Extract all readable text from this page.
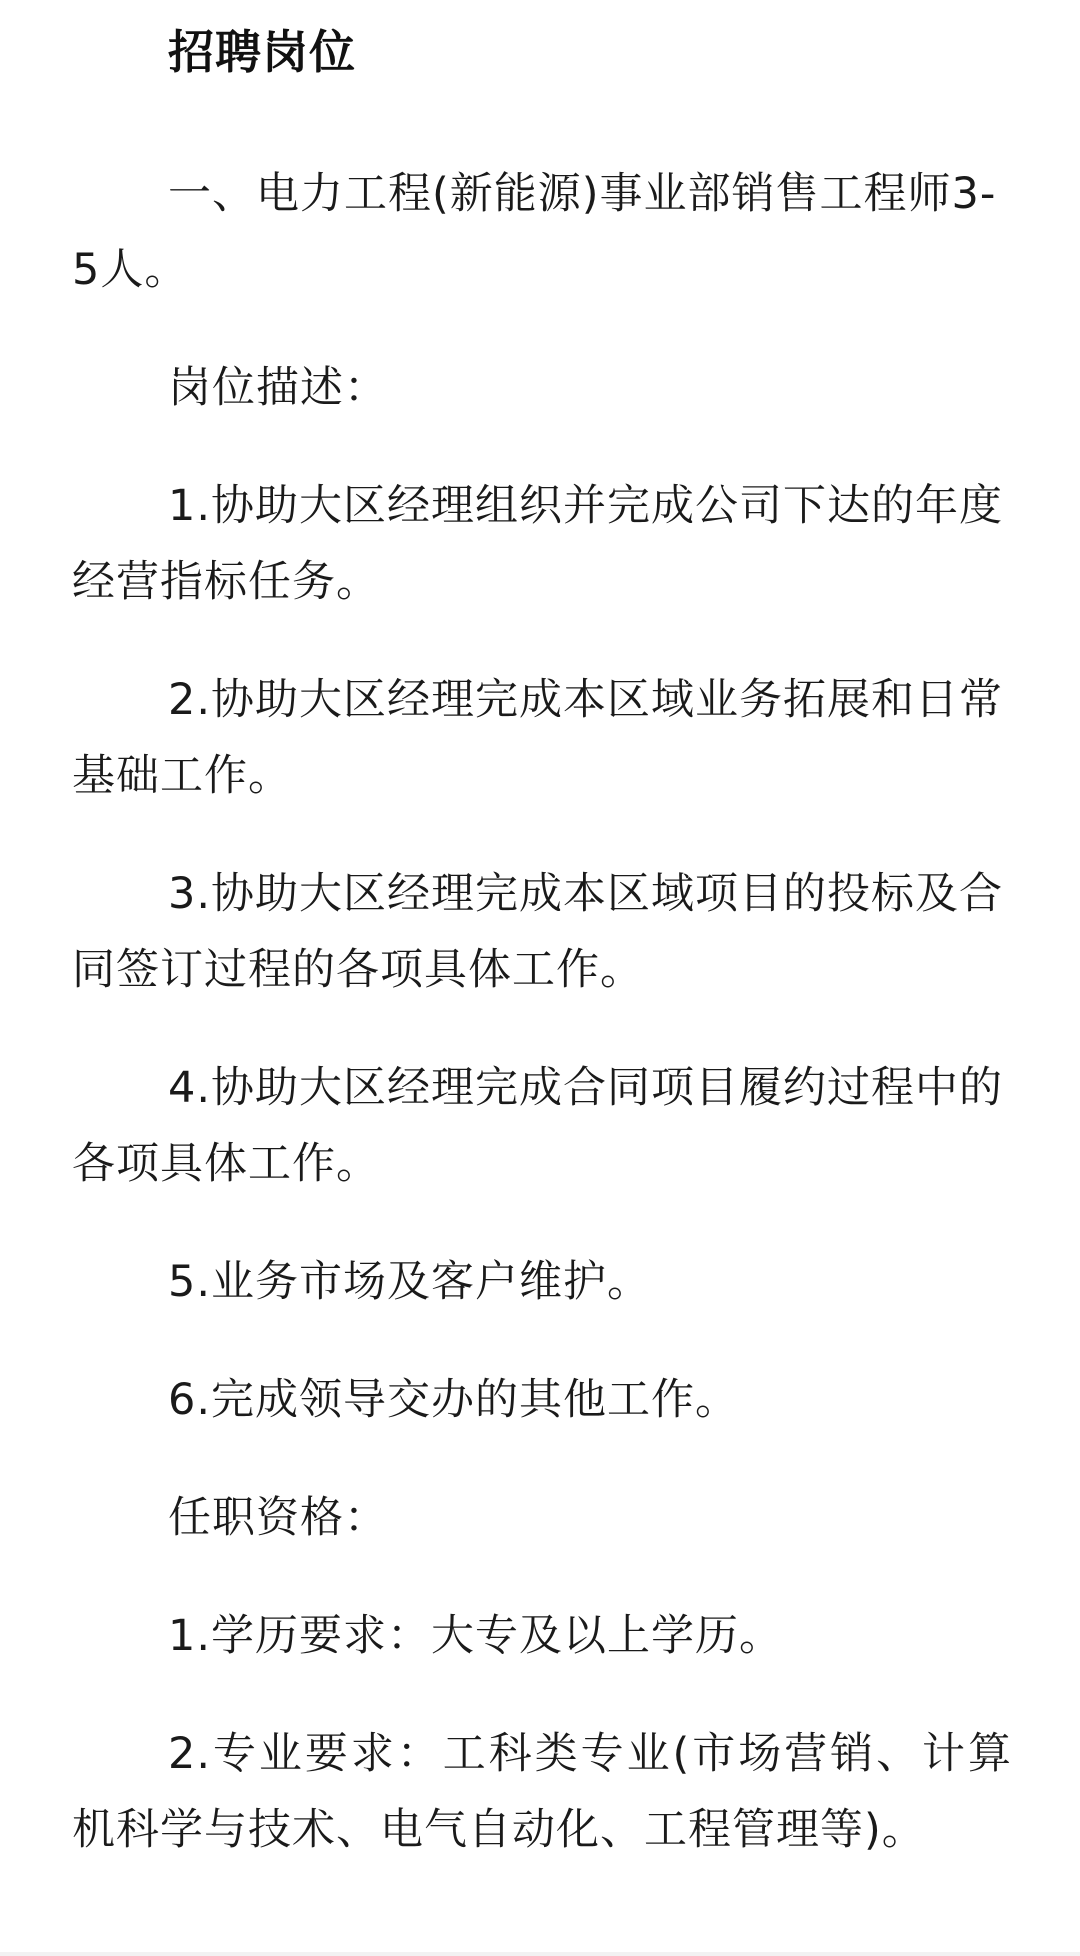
招聘岗位

一、电力工程(新能源)事业部销售工程师3-5人。

岗位描述：

1.协助大区经理组织并完成公司下达的年度经营指标任务。

2.协助大区经理完成本区域业务拓展和日常基础工作。

3.协助大区经理完成本区域项目的投标及合同签订过程的各项具体工作。

4.协助大区经理完成合同项目履约过程中的各项具体工作。

5.业务市场及客户维护。

6.完成领导交办的其他工作。

任职资格：

1.学历要求：大专及以上学历。

2.专业要求：工科类专业(市场营销、计算机科学与技术、电气自动化、工程管理等)。
